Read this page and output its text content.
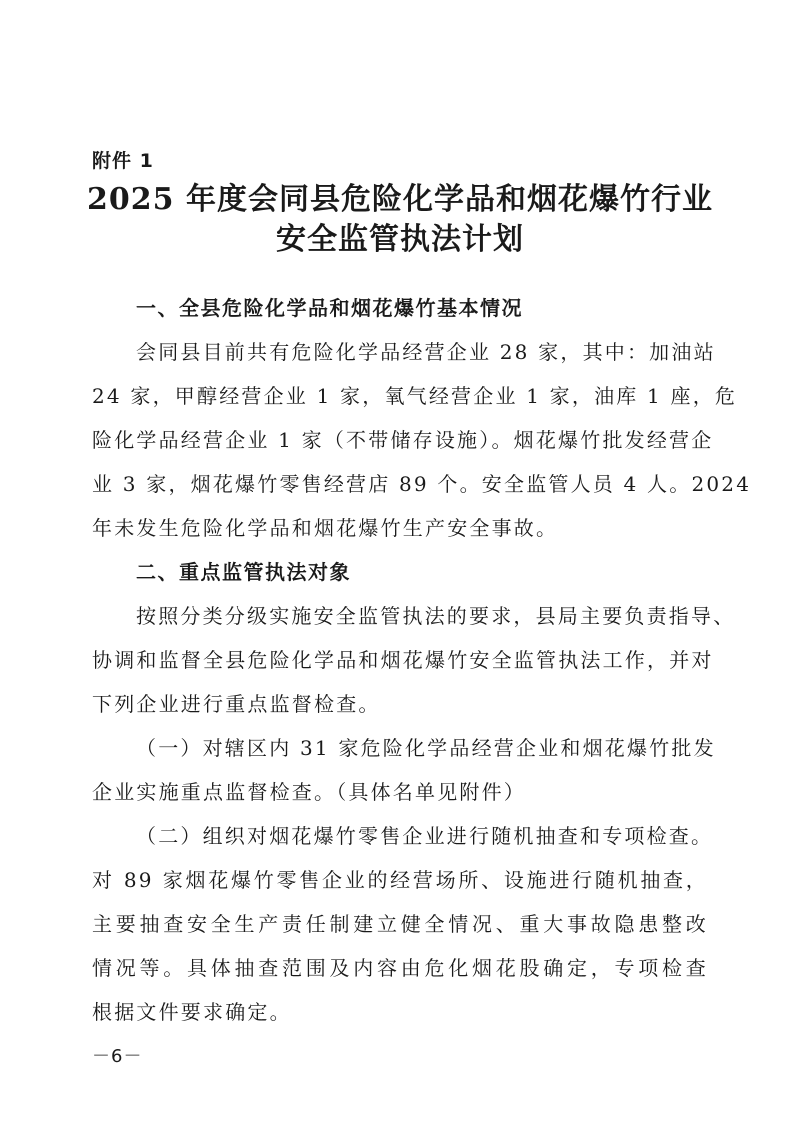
附件 1
2025 年度会同县危险化学品和烟花爆竹行业
安全监管执法计划
一、全县危险化学品和烟花爆竹基本情况
会同县目前共有危险化学品经营企业 28 家，其中：加油站
24 家，甲醇经营企业 1 家，氧气经营企业 1 家，油库 1 座，危
险化学品经营企业 1 家（不带储存设施）。烟花爆竹批发经营企
业 3 家，烟花爆竹零售经营店 89 个。安全监管人员 4 人。2024
年未发生危险化学品和烟花爆竹生产安全事故。
二、重点监管执法对象
按照分类分级实施安全监管执法的要求，县局主要负责指导、
协调和监督全县危险化学品和烟花爆竹安全监管执法工作，并对
下列企业进行重点监督检查。
（一）对辖区内 31 家危险化学品经营企业和烟花爆竹批发
企业实施重点监督检查。（具体名单见附件）
（二）组织对烟花爆竹零售企业进行随机抽查和专项检查。
对 89 家烟花爆竹零售企业的经营场所、设施进行随机抽查，
主要抽查安全生产责任制建立健全情况、重大事故隐患整改
情况等。具体抽查范围及内容由危化烟花股确定，专项检查
根据文件要求确定。
－6－
